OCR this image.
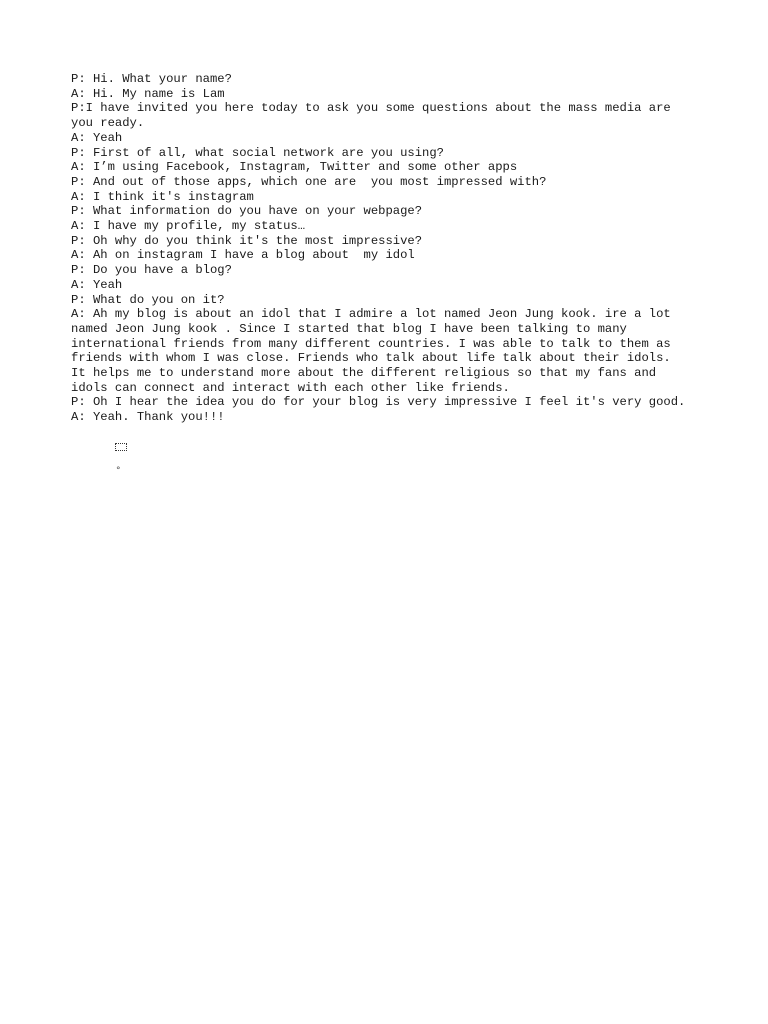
P: Hi. What your name?
A: Hi. My name is Lam
P:I have invited you here today to ask you some questions about the mass media are you ready.
A: Yeah
P: First of all, what social network are you using?
A: I’m using Facebook, Instagram, Twitter and some other apps
P: And out of those apps, which one are  you most impressed with?
A: I think it's instagram
P: What information do you have on your webpage?
A: I have my profile, my status…
P: Oh why do you think it's the most impressive?
A: Ah on instagram I have a blog about  my idol
P: Do you have a blog?
A: Yeah
P: What do you on it?
A: Ah my blog is about an idol that I admire a lot named Jeon Jung kook. ire a lot named Jeon Jung kook . Since I started that blog I have been talking to many international friends from many different countries. I was able to talk to them as friends with whom I was close. Friends who talk about life talk about their idols. It helps me to understand more about the different religious so that my fans and idols can connect and interact with each other like friends.
P: Oh I hear the idea you do for your blog is very impressive I feel it's very good.
A: Yeah. Thank you!!!

°
